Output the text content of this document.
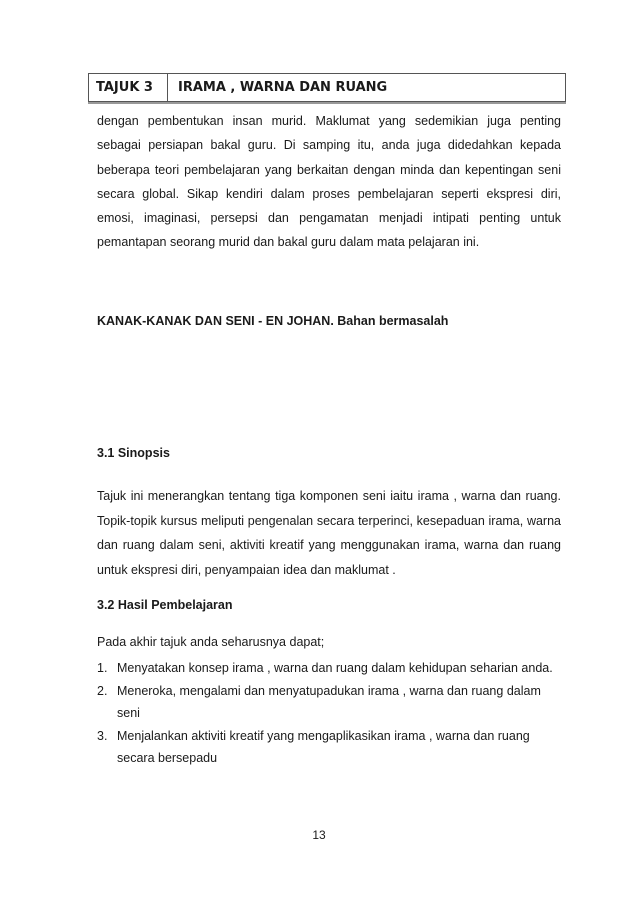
TAJUK 3	IRAMA , WARNA DAN RUANG

dengan pembentukan insan murid. Maklumat yang sedemikian juga penting sebagai persiapan bakal guru. Di samping itu, anda juga didedahkan kepada beberapa teori pembelajaran yang berkaitan dengan minda dan kepentingan seni secara global. Sikap kendiri dalam proses pembelajaran seperti ekspresi diri, emosi, imaginasi, persepsi dan pengamatan menjadi intipati penting untuk pemantapan seorang murid dan bakal guru dalam mata pelajaran ini.

KANAK-KANAK DAN SENI - EN JOHAN. Bahan bermasalah

3.1 Sinopsis

Tajuk ini menerangkan tentang tiga komponen seni iaitu irama , warna dan ruang. Topik-topik kursus meliputi pengenalan secara terperinci, kesepaduan irama, warna dan ruang dalam seni, aktiviti kreatif yang menggunakan irama, warna dan ruang untuk ekspresi diri, penyampaian idea dan maklumat .

3.2 Hasil Pembelajaran

Pada akhir tajuk anda seharusnya dapat;

1. Menyatakan konsep irama , warna dan ruang dalam kehidupan seharian anda.
2. Meneroka, mengalami dan menyatupadukan irama , warna dan ruang dalam seni
3. Menjalankan aktiviti kreatif yang mengaplikasikan irama , warna dan ruang secara bersepadu

13
